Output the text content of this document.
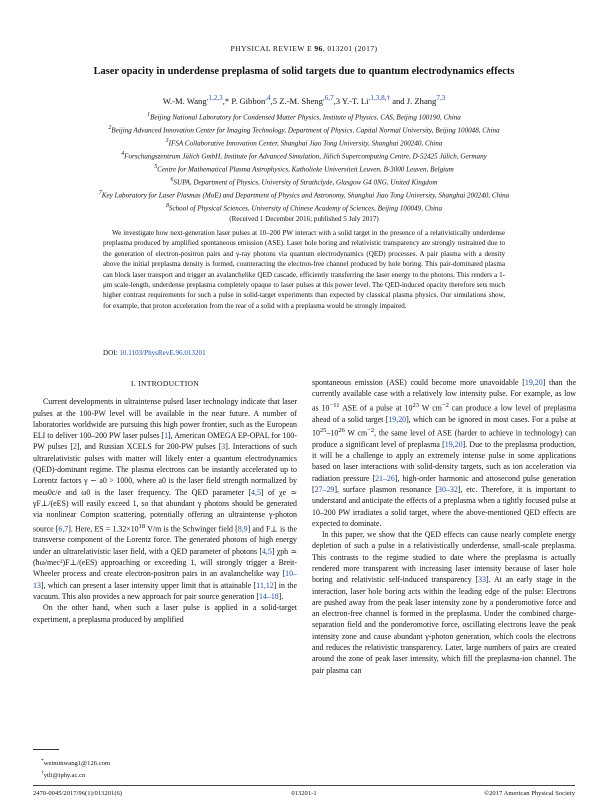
PHYSICAL REVIEW E 96, 013201 (2017)
Laser opacity in underdense preplasma of solid targets due to quantum electrodynamics effects
W.-M. Wang$^{,1,2,3}$,* P. Gibbon$^{,4}$,5 Z.-M. Sheng$^{,6,7}$,3 Y.-T. Li$^{,1,3,8,\dagger}$ and J. Zhang$^{7,3}$
$^1$Beijing National Laboratory for Condensed Matter Physics, Institute of Physics, CAS, Beijing 100190, China
$^2$Beijing Advanced Innovation Center for Imaging Technology, Department of Physics, Capital Normal University, Beijing 100048, China
$^3$IFSA Collaborative Innovation Center, Shanghai Jiao Tong University, Shanghai 200240, China
$^4$Forschungszentrum Jülich GmbH, Institute for Advanced Simulation, Jülich Supercomputing Centre, D-52425 Jülich, Germany
$^5$Centre for Mathematical Plasma Astrophysics, Katholieke Universiteit Leuven, B-3000 Leuven, Belgium
$^6$SUPA, Department of Physics, University of Strathclyde, Glasgow G4 0NG, United Kingdom
$^7$Key Laboratory for Laser Plasmas (MoE) and Department of Physics and Astronomy, Shanghai Jiao Tong University, Shanghai 200240, China
$^8$School of Physical Sciences, University of Chinese Academy of Sciences, Beijing 100049, China
(Received 1 December 2016; published 5 July 2017)
We investigate how next-generation laser pulses at 10–200 PW interact with a solid target in the presence of a relativistically underdense preplasma produced by amplified spontaneous emission (ASE). Laser hole boring and relativistic transparency are strongly restrained due to the generation of electron-positron pairs and γ-ray photons via quantum electrodynamics (QED) processes. A pair plasma with a density above the initial preplasma density is formed, counteracting the electron-free channel produced by hole boring. This pair-dominated plasma can block laser transport and trigger an avalanchelike QED cascade, efficiently transferring the laser energy to the photons. This renders a 1-μm scale-length, underdense preplasma completely opaque to laser pulses at this power level. The QED-induced opacity therefore sets much higher contrast requirements for such a pulse in solid-target experiments than expected by classical plasma physics. Our simulations show, for example, that proton acceleration from the rear of a solid with a preplasma would be strongly impaired.
DOI: 10.1103/PhysRevE.96.013201

I. INTRODUCTION

Current developments in ultraintense pulsed laser technology indicate that laser pulses at the 100-PW level will be available in the near future. A number of laboratories worldwide are pursuing this high power frontier, such as the European ELI to deliver 100–200 PW laser pulses [1], American OMEGA EP-OPAL for 100-PW pulses [2], and Russian XCELS for 200-PW pulses [3]. Interactions of such ultrarelativistic pulses with matter will likely enter a quantum electrodynamics (QED)-dominant regime. The plasma electrons can be instantly accelerated up to Lorentz factors γ ∼ a0 > 1000, where a0 is the laser field strength normalized by meω0c/e and ω0 is the laser frequency. The QED parameter [4,5] of χe ≃ γF⊥/(eES) will easily exceed 1, so that abundant γ photons should be generated via nonlinear Compton scattering, potentially offering an ultraintense γ-photon source [6,7]. Here, ES = $1.32\times 10^{18}$ V/m is the Schwinger field [8,9] and F⊥ is the transverse component of the Lorentz force. The generated photons of high energy under an ultrarelativistic laser field, with a QED parameter of photons [4,5] χph ≃ (ħω/mec²)F⊥/(eES) approaching or exceeding 1, will strongly trigger a Breit-Wheeler process and create electron-positron pairs in an avalanchelike way [10–13], which can present a laser intensity upper limit that is attainable [11,12] in the vacuum. This also provides a new approach for pair source generation [14–18].

On the other hand, when such a laser pulse is applied in a solid-target experiment, a preplasma produced by amplified

spontaneous emission (ASE) could become more unavoidable [19,20] than the currently available case with a relatively low intensity pulse. For example, as low as $10^{-11}$ ASE of a pulse at $10^{23}$ W $cm^{-2}$ can produce a low level of preplasma ahead of a solid target [19,20], which can be ignored in most cases. For a pulse at $10^{25}-10^{26}$ W $cm^{-2}$, the same level of ASE (harder to achieve in technology) can produce a significant level of preplasma [19,20]. Due to the preplasma production, it will be a challenge to apply an extremely intense pulse in some applications based on laser interactions with solid-density targets, such as ion acceleration via radiation pressure [21–26], high-order harmonic and attosecond pulse generation [27–29], surface plasmon resonance [30–32], etc. Therefore, it is important to understand and anticipate the effects of a preplasma when a tightly focused pulse at 10–200 PW irradiates a solid target, where the above-mentioned QED effects are expected to dominate.

In this paper, we show that the QED effects can cause nearly complete energy depletion of such a pulse in a relativistically underdense, small-scale preplasma. This contrasts to the regime studied to date where the preplasma is actually rendered more transparent with increasing laser intensity because of laser hole boring and relativistic self-induced transparency [33]. At an early stage in the interaction, laser hole boring acts within the leading edge of the pulse: Electrons are pushed away from the peak laser intensity zone by a ponderomotive force and an electron-free channel is formed in the preplasma. Under the combined charge-separation field and the ponderomotive force, oscillating electrons leave the peak intensity zone and cause abundant γ-photon generation, which cools the electrons and reduces the relativistic transparency. Later, large numbers of pairs are created around the zone of peak laser intensity, which fill the preplasma-ion channel. The pair plasma can

*weiminwang1@126.com
†ytli@iphy.ac.cn
2470-0045/2017/96(1)/013201(6)	013201-1	©2017 American Physical Society
